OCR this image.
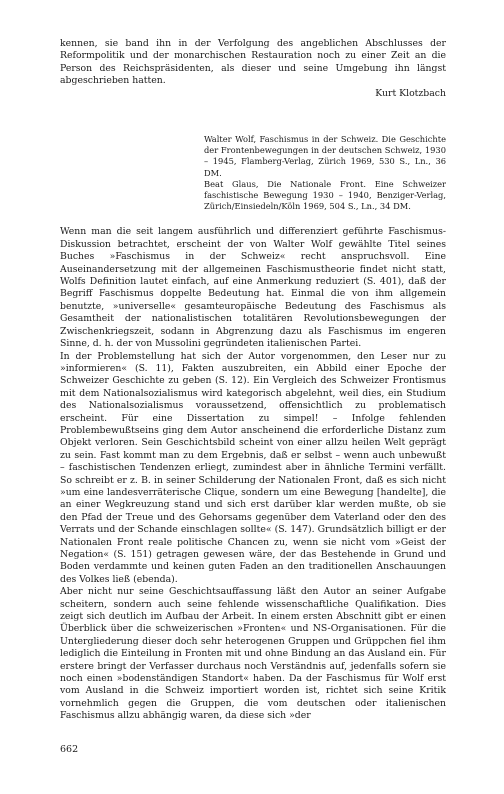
kennen, sie band ihn in der Verfolgung des angeblichen Abschlusses der Reformpolitik und der monarchischen Restauration noch zu einer Zeit an die Person des Reichspräsidenten, als dieser und seine Umgebung ihn längst abgeschrieben hatten.

Kurt Klotzbach

Walter Wolf, Faschismus in der Schweiz. Die Geschichte der Frontenbewegungen in der deutschen Schweiz, 1930 – 1945, Flamberg-Verlag, Zürich 1969, 530 S., Ln., 36 DM.

Beat Glaus, Die Nationale Front. Eine Schweizer faschistische Bewegung 1930 – 1940, Benziger-Verlag, Zürich/Einsiedeln/Köln 1969, 504 S., Ln., 34 DM.

Wenn man die seit langem ausführlich und differenziert geführte Faschismus-Diskussion betrachtet, erscheint der von Walter Wolf gewählte Titel seines Buches »Faschismus in der Schweiz« recht anspruchsvoll. Eine Auseinandersetzung mit der allgemeinen Faschismustheorie findet nicht statt, Wolfs Definition lautet einfach, auf eine Anmerkung reduziert (S. 401), daß der Begriff Faschismus doppelte Bedeutung hat. Einmal die von ihm allgemein benutzte, »universelle« gesamteuropäische Bedeutung des Faschismus als Gesamtheit der nationalistischen totalitären Revolutionsbewegungen der Zwischenkriegszeit, sodann in Abgrenzung dazu als Faschismus im engeren Sinne, d. h. der von Mussolini gegründeten italienischen Partei.

In der Problemstellung hat sich der Autor vorgenommen, den Leser nur zu »informieren« (S. 11), Fakten auszubreiten, ein Abbild einer Epoche der Schweizer Geschichte zu geben (S. 12). Ein Vergleich des Schweizer Frontismus mit dem Nationalsozialismus wird kategorisch abgelehnt, weil dies, ein Studium des Nationalsozialismus voraussetzend, offensichtlich zu problematisch erscheint. Für eine Dissertation zu simpel! – Infolge fehlenden Problembewußtseins ging dem Autor anscheinend die erforderliche Distanz zum Objekt verloren. Sein Geschichtsbild scheint von einer allzu heilen Welt geprägt zu sein. Fast kommt man zu dem Ergebnis, daß er selbst – wenn auch unbewußt – faschistischen Tendenzen erliegt, zumindest aber in ähnliche Termini verfällt. So schreibt er z. B. in seiner Schilderung der Nationalen Front, daß es sich nicht »um eine landesverräterische Clique, sondern um eine Bewegung [handelte], die an einer Wegkreuzung stand und sich erst darüber klar werden mußte, ob sie den Pfad der Treue und des Gehorsams gegenüber dem Vaterland oder den des Verrats und der Schande einschlagen sollte« (S. 147). Grundsätzlich billigt er der Nationalen Front reale politische Chancen zu, wenn sie nicht vom »Geist der Negation« (S. 151) getragen gewesen wäre, der das Bestehende in Grund und Boden verdammte und keinen guten Faden an den traditionellen Anschauungen des Volkes ließ (ebenda).

Aber nicht nur seine Geschichtsauffassung läßt den Autor an seiner Aufgabe scheitern, sondern auch seine fehlende wissenschaftliche Qualifikation. Dies zeigt sich deutlich im Aufbau der Arbeit. In einem ersten Abschnitt gibt er einen Überblick über die schweizerischen »Fronten« und NS-Organisationen. Für die Untergliederung dieser doch sehr heterogenen Gruppen und Grüppchen fiel ihm lediglich die Einteilung in Fronten mit und ohne Bindung an das Ausland ein. Für erstere bringt der Verfasser durchaus noch Verständnis auf, jedenfalls sofern sie noch einen »bodenständigen Standort« haben. Da der Faschismus für Wolf erst vom Ausland in die Schweiz importiert worden ist, richtet sich seine Kritik vornehmlich gegen die Gruppen, die vom deutschen oder italienischen Faschismus allzu abhängig waren, da diese sich »der

662
